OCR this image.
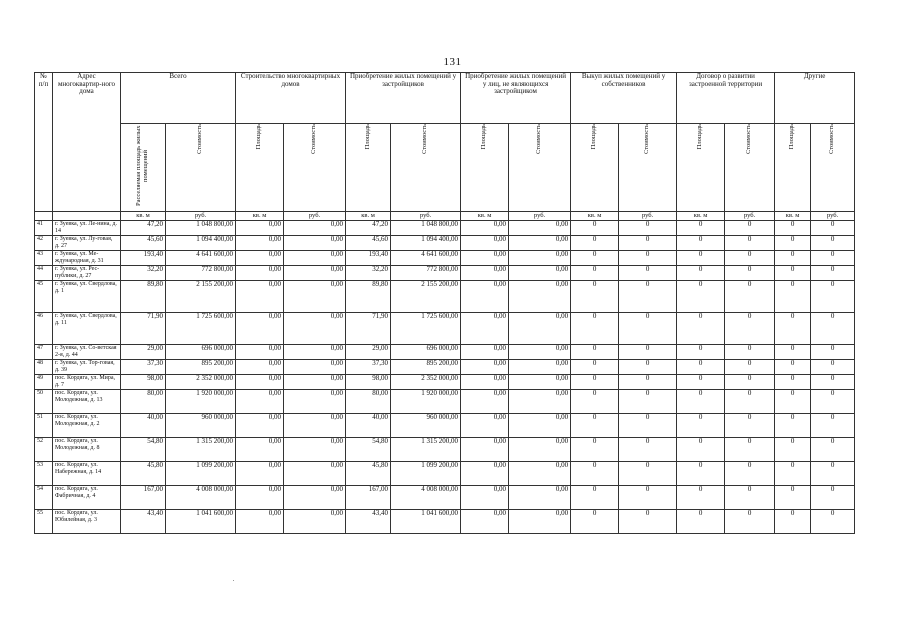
131
№ п/п	Адрес многоквартир-ного дома	Всего		Строительство многоквартирных домов		Приобретение жилых помещений у застройщиков		Приобретение жилых помещений у лиц, не являющихся застройщиком		Выкуп жилых помещений у собственников		Договор о развитии застроенной территории		Другие	
		Расселяемая площадь жилых помещений	Стоимость	Площадь	Стоимость	Площадь	Стоимость	Площадь	Стоимость	Площадь	Стоимость	Площадь	Стоимость	Площадь	Стоимость
		кв. м	руб.	кв. м	руб.	кв. м	руб.	кв. м	руб.	кв. м	руб.	кв. м	руб.	кв. м	руб.
41	г. Зуевка, ул. Ле-нина, д. 14	47,20	1 048 800,00	0,00	0,00	47,20	1 048 800,00	0,00	0,00	0	0	0	0	0	0
42	г. Зуевка, ул. Лу-говая, д. 27	45,60	1 094 400,00	0,00	0,00	45,60	1 094 400,00	0,00	0,00	0	0	0	0	0	0
43	г. Зуевка, ул. Ме-ждународная, д. 31	193,40	4 641 600,00	0,00	0,00	193,40	4 641 600,00	0,00	0,00	0	0	0	0	0	0
44	г. Зуевка, ул. Рес-публики, д. 27	32,20	772 800,00	0,00	0,00	32,20	772 800,00	0,00	0,00	0	0	0	0	0	0
45	г. Зуевка, ул. Свердлова, д. 1	89,80	2 155 200,00	0,00	0,00	89,80	2 155 200,00	0,00	0,00	0	0	0	0	0	0
46	г. Зуевка, ул. Свердлова, д. 11	71,90	1 725 600,00	0,00	0,00	71,90	1 725 600,00	0,00	0,00	0	0	0	0	0	0
47	г. Зуевка, ул. Со-ветская 2-я, д. 44	29,00	696 000,00	0,00	0,00	29,00	696 000,00	0,00	0,00	0	0	0	0	0	0
48	г. Зуевка, ул. Тор-говая, д. 39	37,30	895 200,00	0,00	0,00	37,30	895 200,00	0,00	0,00	0	0	0	0	0	0
49	пос. Кордяга, ул. Мира, д. 7	98,00	2 352 000,00	0,00	0,00	98,00	2 352 000,00	0,00	0,00	0	0	0	0	0	0
50	пос. Кордяга, ул. Молодежная, д. 13	80,00	1 920 000,00	0,00	0,00	80,00	1 920 000,00	0,00	0,00	0	0	0	0	0	0
51	пос. Кордяга, ул. Молодежная, д. 2	40,00	960 000,00	0,00	0,00	40,00	960 000,00	0,00	0,00	0	0	0	0	0	0
52	пос. Кордяга, ул. Молодежная, д. 8	54,80	1 315 200,00	0,00	0,00	54,80	1 315 200,00	0,00	0,00	0	0	0	0	0	0
53	пос. Кордяга, ул. Набережная, д. 14	45,80	1 099 200,00	0,00	0,00	45,80	1 099 200,00	0,00	0,00	0	0	0	0	0	0
54	пос. Кордяга, ул. Фабричная, д. 4	167,00	4 008 000,00	0,00	0,00	167,00	4 008 000,00	0,00	0,00	0	0	0	0	0	0
55	пос. Кордяга, ул. Юбилейная, д. 3	43,40	1 041 600,00	0,00	0,00	43,40	1 041 600,00	0,00	0,00	0	0	0	0	0	0
